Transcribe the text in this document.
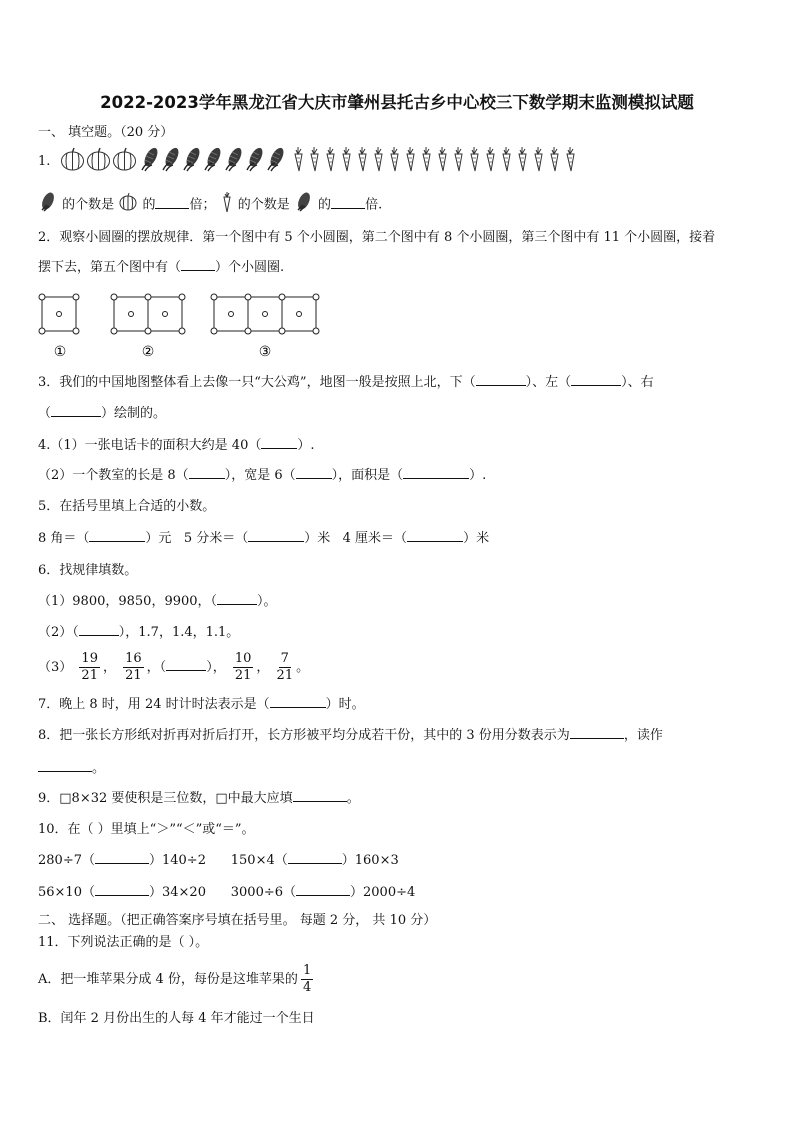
2022-2023学年黑龙江省大庆市肇州县托古乡中心校三下数学期末监测模拟试题
一、 填空题。（20 分）
1.
的个数是 的	倍； 的个数是 的	倍.
2．观察小圆圈的摆放规律．第一个图中有 5 个小圆圈，第二个图中有 8 个小圆圈，第三个图中有 11 个小圆圈，接着
摆下去，第五个图中有（	）个小圆圈.
①	②	③
3．我们的中国地图整体看上去像一只“大公鸡”，地图一般是按照上北，下（	）、左（	）、右
（	）绘制的。
4.（1）一张电话卡的面积大约是 40（	）.
（2）一个教室的长是 8（	），宽是 6（	），面积是（	）.
5．在括号里填上合适的小数。
8 角＝（	）元 5 分米＝（	）米 4 厘米＝（	）米
6．找规律填数。
（1）9800，9850，9900，（	）。
（2）（	），1.7，1.4，1.1。
$(3) \frac{19}{21}$ ， $\frac{16}{21}$ ，（	）， $\frac{10}{21}$ ， $\frac{7}{21}$ 。
7．晚上 8 时，用 24 时计时法表示是（	）时。
8．把一张长方形纸对折再对折后打开，长方形被平均分成若干份，其中的 3 份用分数表示为	，读作
。
9．□8×32 要使积是三位数，□中最大应填	。
10．在（ ）里填上“＞”“＜”或“＝”。
280÷7（	）140÷2 150×4（	）160×3
56×10（	）34×20 3000÷6（	）2000÷4
二、 选择题。（把正确答案序号填在括号里。 每题 2 分， 共 10 分）
11．下列说法正确的是（ ）。
A．把一堆苹果分成 4 份，每份是这堆苹果的 $\frac{1}{4}$
B．闰年 2 月份出生的人每 4 年才能过一个生日
